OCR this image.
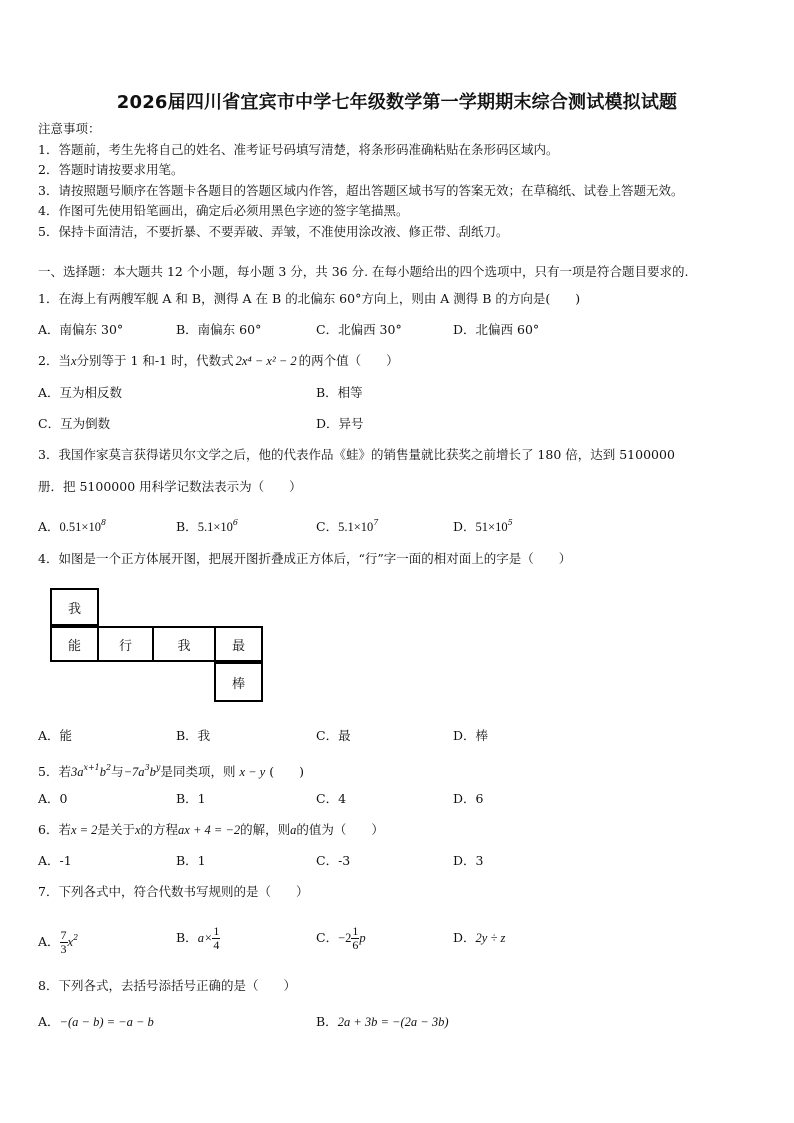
2026届四川省宜宾市中学七年级数学第一学期期末综合测试模拟试题
注意事项：
1．答题前，考生先将自己的姓名、准考证号码填写清楚，将条形码准确粘贴在条形码区域内。
2．答题时请按要求用笔。
3．请按照题号顺序在答题卡各题目的答题区域内作答，超出答题区域书写的答案无效；在草稿纸、试卷上答题无效。
4．作图可先使用铅笔画出，确定后必须用黑色字迹的签字笔描黑。
5．保持卡面清洁，不要折暴、不要弄破、弄皱，不准使用涂改液、修正带、刮纸刀。
一、选择题：本大题共 12 个小题，每小题 3 分，共 36 分. 在每小题给出的四个选项中，只有一项是符合题目要求的.
1．在海上有两艘军舰 A 和 B，测得 A 在 B 的北偏东 60°方向上，则由 A 测得 B 的方向是(　　)
A．南偏东 30°	B．南偏东 60°	C．北偏西 30°	D．北偏西 60°
2．当x分别等于 1 和-1 时，代数式 2x⁴ − x² − 2 的两个值（　　）
A．互为相反数	B．相等
C．互为倒数	D．异号
3．我国作家莫言获得诺贝尔文学之后，他的代表作品《蛙》的销售量就比获奖之前增长了 180 倍，达到 5100000
册．把 5100000 用科学记数法表示为（　　）
A．$0.51\times 10^8$	B．$5.1\times 10^6$	C．$5.1\times 10^7$	D．$51\times 10^5$
4．如图是一个正方体展开图，把展开图折叠成正方体后，“行”字一面的相对面上的字是（　　）
我
能	行	我	最
棒
A．能	B．我	C．最	D．棒
5．若$3a^{x+1}b^2$与$-7a^3b^y$是同类项，则 x − y (　　)
A．0	B．1	C．4	D．6
6．若x = 2是关于x的方程ax + 4 = −2的解，则a的值为（　　）
A．-1	B．1	C．-3	D．3
7．下列各式中，符合代数书写规则的是（　　）
A． $\frac{7}{3} x^2$	B．$a\times \frac{1}{4}$	C．$-2 \frac{1}{6}$ p	D．2y ÷ z
8．下列各式，去括号添括号正确的是（　　）
A．−(a − b) = −a − b	B．2a + 3b = −(2a − 3b)
